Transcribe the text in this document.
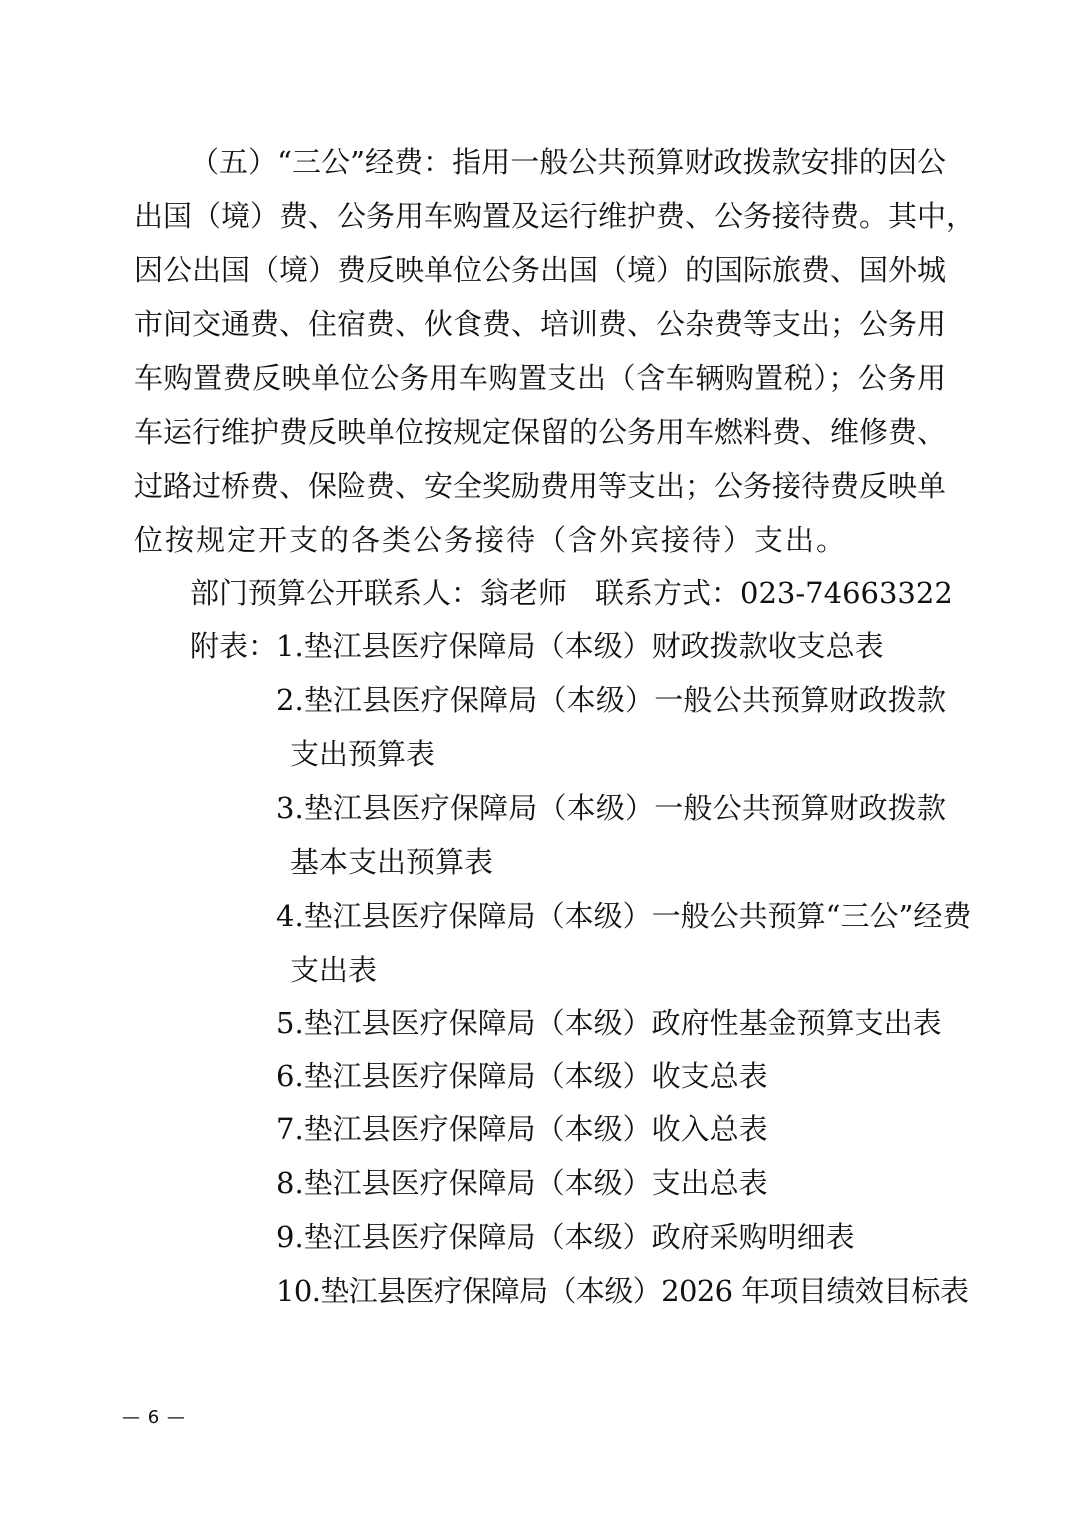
（五）“三公”经费：指用一般公共预算财政拨款安排的因公
出国（境）费、公务用车购置及运行维护费、公务接待费。其中，
因公出国（境）费反映单位公务出国（境）的国际旅费、国外城
市间交通费、住宿费、伙食费、培训费、公杂费等支出；公务用
车购置费反映单位公务用车购置支出（含车辆购置税）；公务用
车运行维护费反映单位按规定保留的公务用车燃料费、维修费、
过路过桥费、保险费、安全奖励费用等支出；公务接待费反映单
位按规定开支的各类公务接待（含外宾接待）支出。
部门预算公开联系人：翁老师 联系方式：023-74663322
附表：
1.垫江县医疗保障局（本级）财政拨款收支总表
2.垫江县医疗保障局（本级）一般公共预算财政拨款
支出预算表
3.垫江县医疗保障局（本级）一般公共预算财政拨款
基本支出预算表
4.垫江县医疗保障局（本级）一般公共预算“三公”经费
支出表
5.垫江县医疗保障局（本级）政府性基金预算支出表
6.垫江县医疗保障局（本级）收支总表
7.垫江县医疗保障局（本级）收入总表
8.垫江县医疗保障局（本级）支出总表
9.垫江县医疗保障局（本级）政府采购明细表
10.垫江县医疗保障局（本级）2026 年项目绩效目标表
— 6 —
